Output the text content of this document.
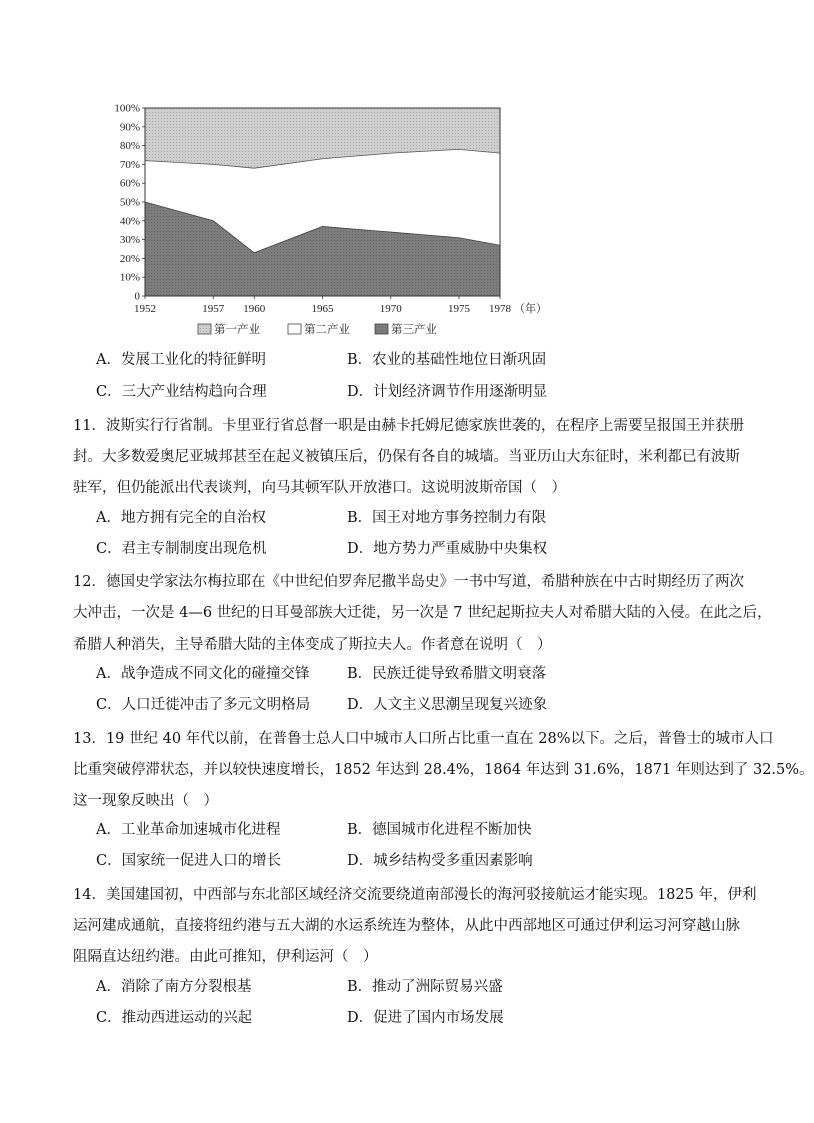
0
10%
20%
30%
40%
50%
60%
70%
80%
90%
100%
1952	1957 1960	1965	1970	1975 1978 （年）
第一产业	第二产业	第三产业
A．发展工业化的特征鲜明	B．农业的基础性地位日渐巩固
C．三大产业结构趋向合理	D．计划经济调节作用逐渐明显
11．波斯实行行省制。卡里亚行省总督一职是由赫卡托姆尼德家族世袭的，在程序上需要呈报国王并获册
封。大多数爱奥尼亚城邦甚至在起义被镇压后，仍保有各自的城墙。当亚历山大东征时，米利都已有波斯
驻军，但仍能派出代表谈判，向马其顿军队开放港口。这说明波斯帝国（　）
A．地方拥有完全的自治权	B．国王对地方事务控制力有限
C．君主专制制度出现危机	D．地方势力严重威胁中央集权
12．德国史学家法尔梅拉耶在《中世纪伯罗奔尼撒半岛史》一书中写道，希腊种族在中古时期经历了两次
大冲击，一次是 4—6 世纪的日耳曼部族大迁徙，另一次是 7 世纪起斯拉夫人对希腊大陆的入侵。在此之后，
希腊人种消失，主导希腊大陆的主体变成了斯拉夫人。作者意在说明（　）
A．战争造成不同文化的碰撞交锋	B．民族迁徙导致希腊文明衰落
C．人口迁徙冲击了多元文明格局	D．人文主义思潮呈现复兴迹象
13．19 世纪 40 年代以前，在普鲁士总人口中城市人口所占比重一直在 28%以下。之后，普鲁士的城市人口
比重突破停滞状态，并以较快速度增长，1852 年达到 28.4%，1864 年达到 31.6%，1871 年则达到了 32.5%。
这一现象反映出（　）
A．工业革命加速城市化进程	B．德国城市化进程不断加快
C．国家统一促进人口的增长	D．城乡结构受多重因素影响
14．美国建国初，中西部与东北部区域经济交流要绕道南部漫长的海河驳接航运才能实现。1825 年，伊利
运河建成通航，直接将纽约港与五大湖的水运系统连为整体，从此中西部地区可通过伊利运习河穿越山脉
阻隔直达纽约港。由此可推知，伊利运河（　）
A．消除了南方分裂根基	B．推动了洲际贸易兴盛
C．推动西进运动的兴起	D．促进了国内市场发展
